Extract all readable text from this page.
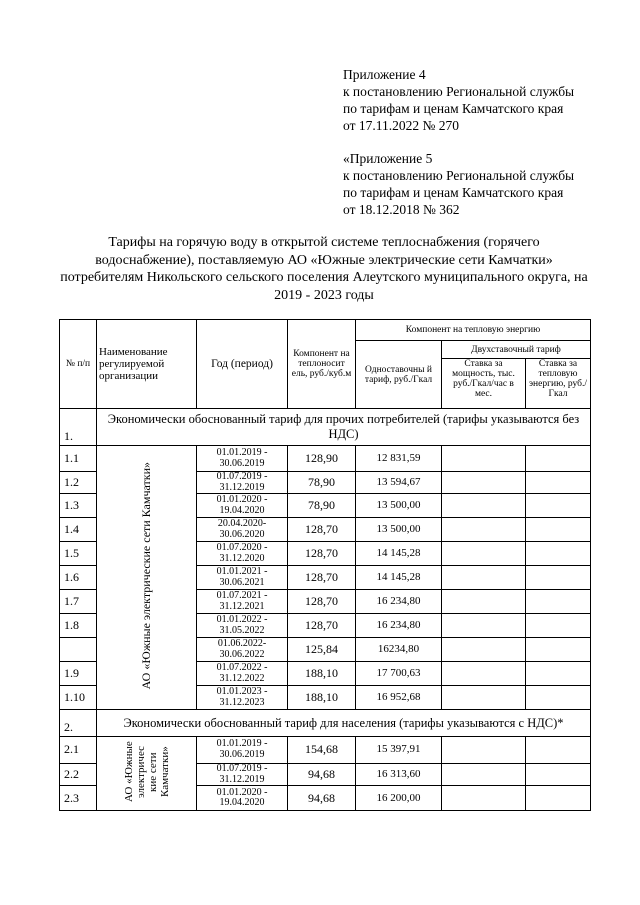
Приложение 4
к постановлению Региональной службы
по тарифам и ценам Камчатского края
от 17.11.2022 № 270
«Приложение 5
к постановлению Региональной службы
по тарифам и ценам Камчатского края
от 18.12.2018 № 362
Тарифы на горячую воду в открытой системе теплоснабжения (горячего водоснабжение), поставляемую АО «Южные электрические сети Камчатки» потребителям Никольского сельского поселения Алеутского муниципального округа, на 2019 - 2023 годы
№ п/п	Наименование регулируемой организации	Год (период)	Компонент на теплоносит ель, руб./куб.м	Компонент на тепловую энергию		
				Одноставочны й тариф, руб./Гкал	Двухставочный тариф	
					Ставка за мощность, тыс. руб./Гкал/час в мес.	Ставка за тепловую энергию, руб./Гкал
1.	Экономически обоснованный тариф для прочих потребителей (тарифы указываются без НДС)					
1.1	АО «Южные электрические сети Камчатки»	01.01.2019 - 30.06.2019	128,90	12 831,59		
1.2		01.07.2019 - 31.12.2019	78,90	13 594,67		
1.3		01.01.2020 - 19.04.2020	78,90	13 500,00		
1.4		20.04.2020- 30.06.2020	128,70	13 500,00		
1.5		01.07.2020 - 31.12.2020	128,70	14 145,28		
1.6		01.01.2021 - 30.06.2021	128,70	14 145,28		
1.7		01.07.2021 - 31.12.2021	128,70	16 234,80		
1.8		01.01.2022 - 31.05.2022	128,70	16 234,80		
		01.06.2022- 30.06.2022	125,84	16234,80		
1.9		01.07.2022 - 31.12.2022	188,10	17 700,63		
1.10		01.01.2023 - 31.12.2023	188,10	16 952,68		
2.	Экономически обоснованный тариф для населения (тарифы указываются с НДС)*					
2.1	АО «Южные электричес кие сети Камчатки»	01.01.2019 - 30.06.2019	154,68	15 397,91		
2.2		01.07.2019 - 31.12.2019	94,68	16 313,60		
2.3		01.01.2020 - 19.04.2020	94,68	16 200,00		
